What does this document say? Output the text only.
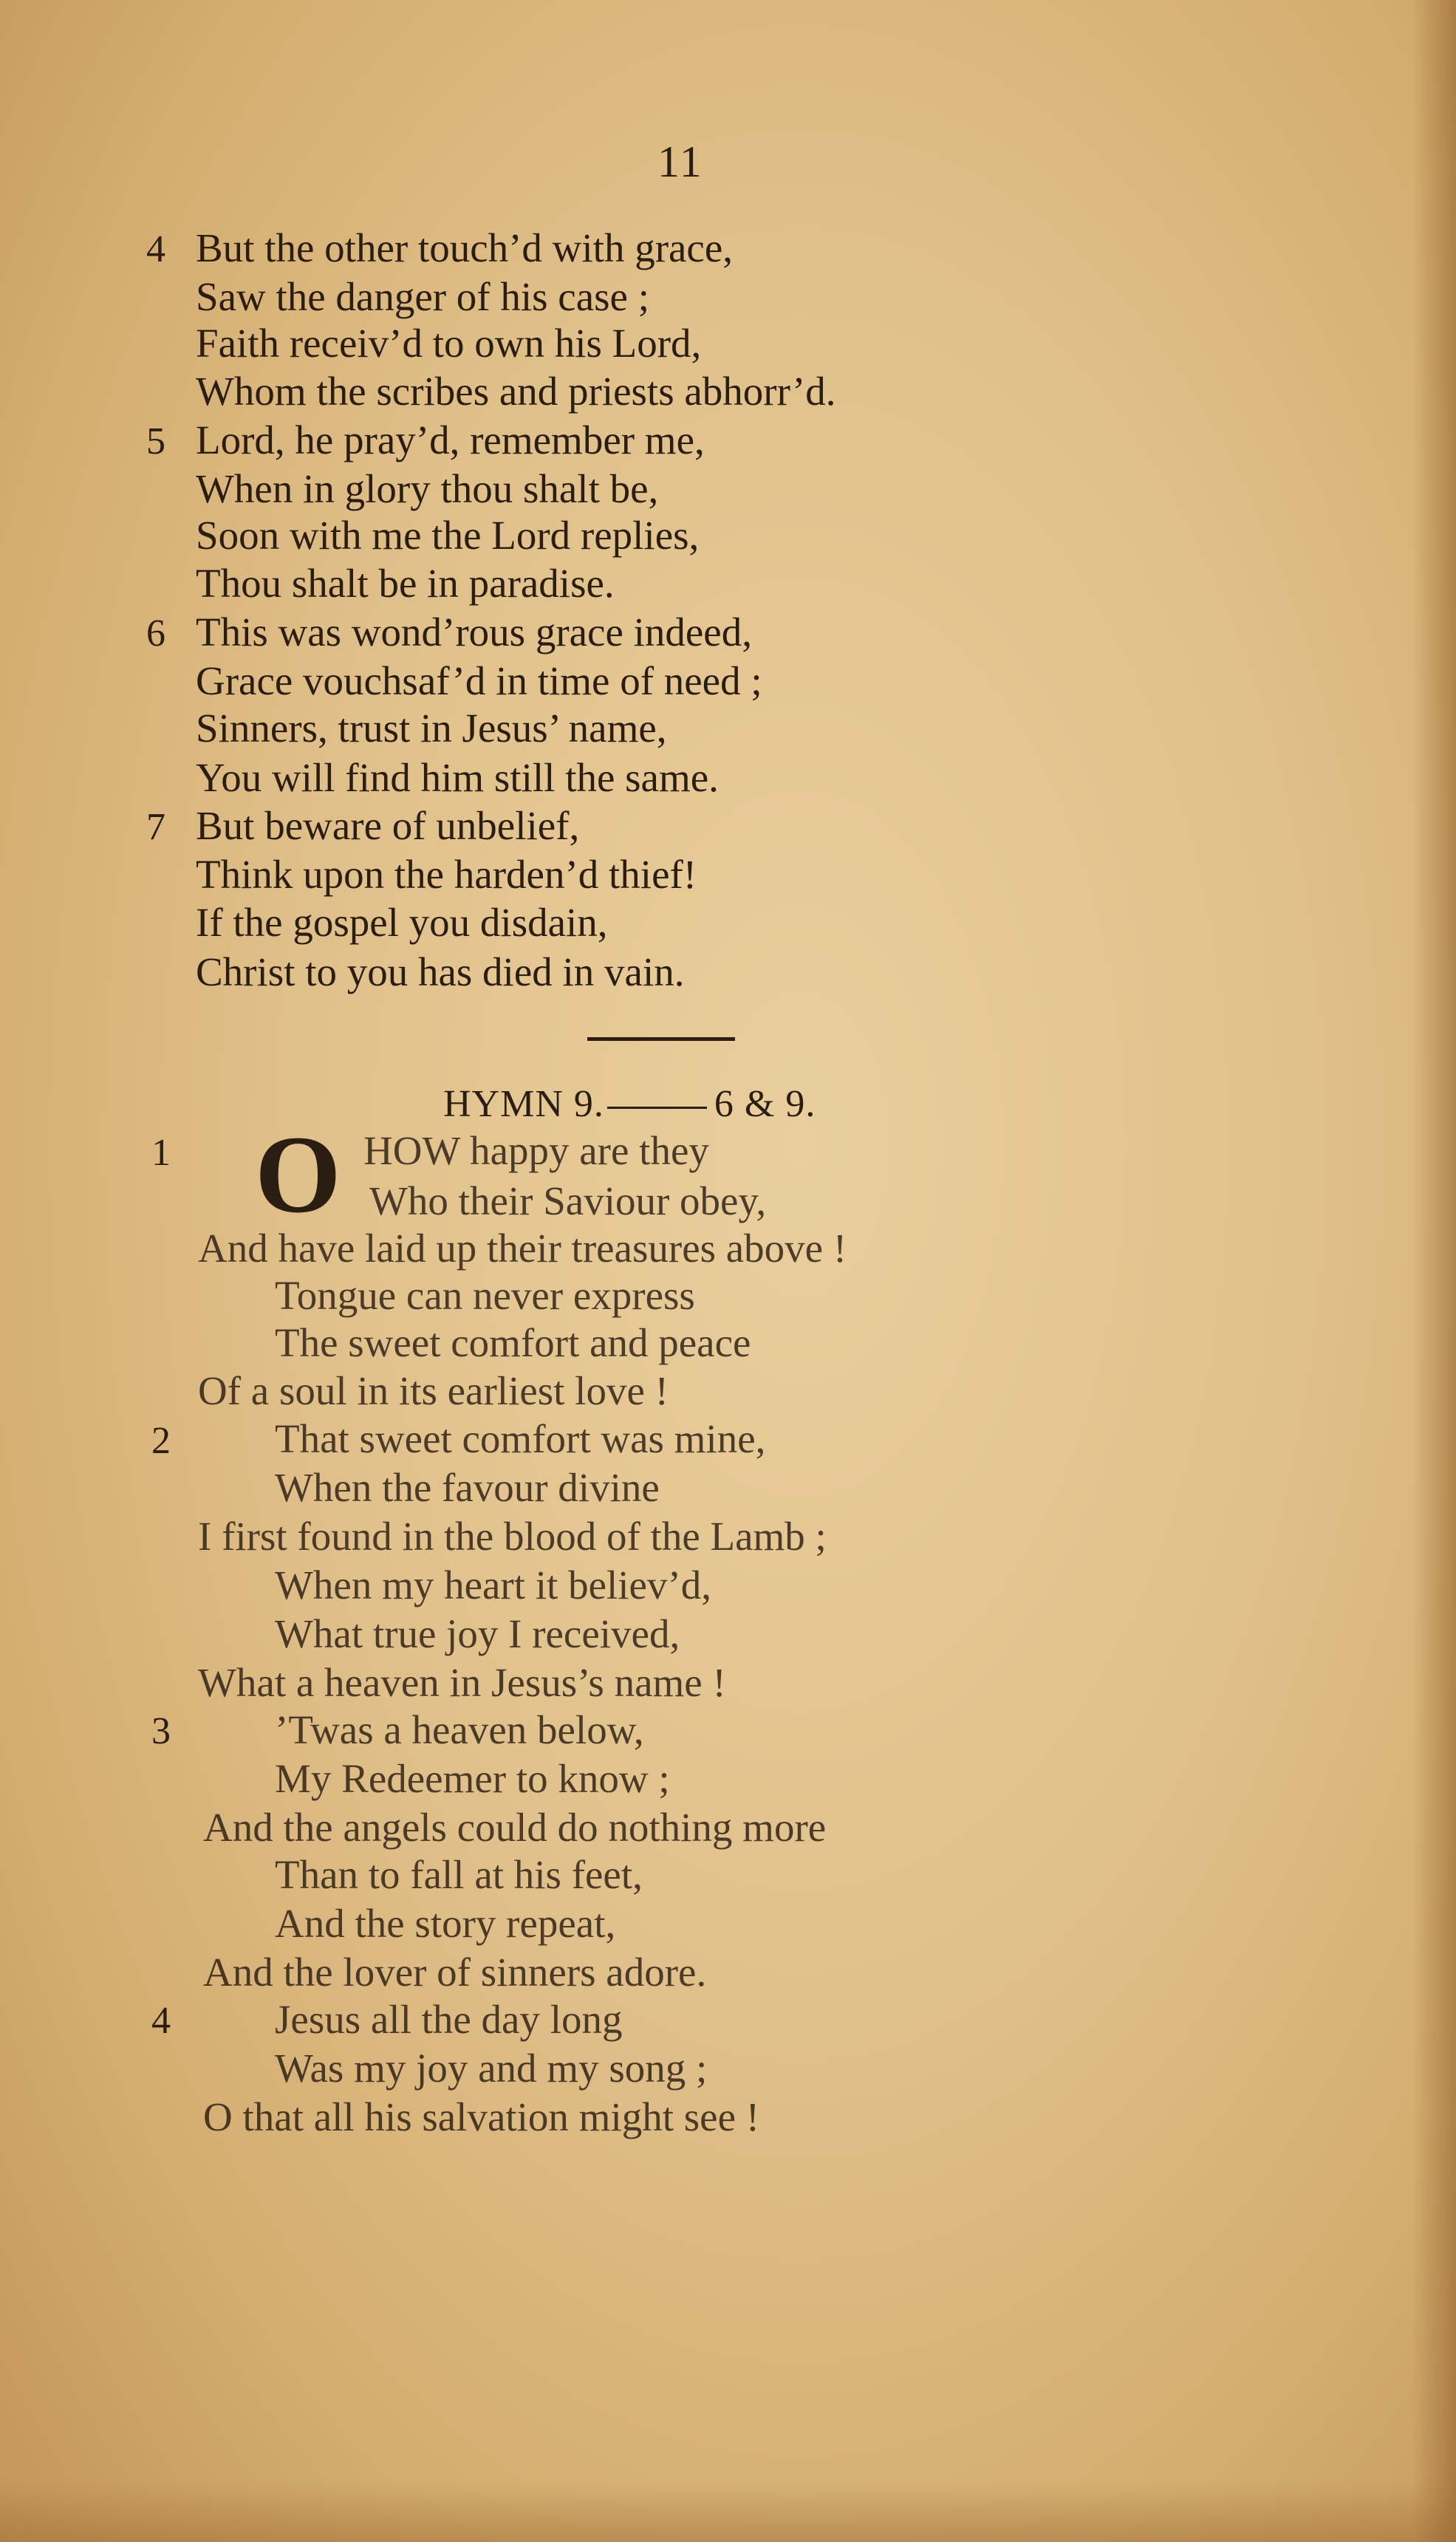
11
4 But the other touch’d with grace,
Saw the danger of his case ;
Faith receiv’d to own his Lord,
Whom the scribes and priests abhorr’d.
5 Lord, he pray’d, remember me,
When in glory thou shalt be,
Soon with me the Lord replies,
Thou shalt be in paradise.
6 This was wond’rous grace indeed,
Grace vouchsaf’d in time of need ;
Sinners, trust in Jesus’ name,
You will find him still the same.
7 But beware of unbelief,
Think upon the harden’d thief!
If the gospel you disdain,
Christ to you has died in vain.
HYMN 9.	6 & 9.
1 O HOW happy are they
Who their Saviour obey,
And have laid up their treasures above !
Tongue can never express
The sweet comfort and peace
Of a soul in its earliest love !
2	That sweet comfort was mine,
When the favour divine
I first found in the blood of the Lamb ;
When my heart it believ’d,
What true joy I received,
What a heaven in Jesus’s name !
3	’Twas a heaven below,
My Redeemer to know ;
And the angels could do nothing more
Than to fall at his feet,
And the story repeat,
And the lover of sinners adore.
4	Jesus all the day long
Was my joy and my song ;
O that all his salvation might see !
